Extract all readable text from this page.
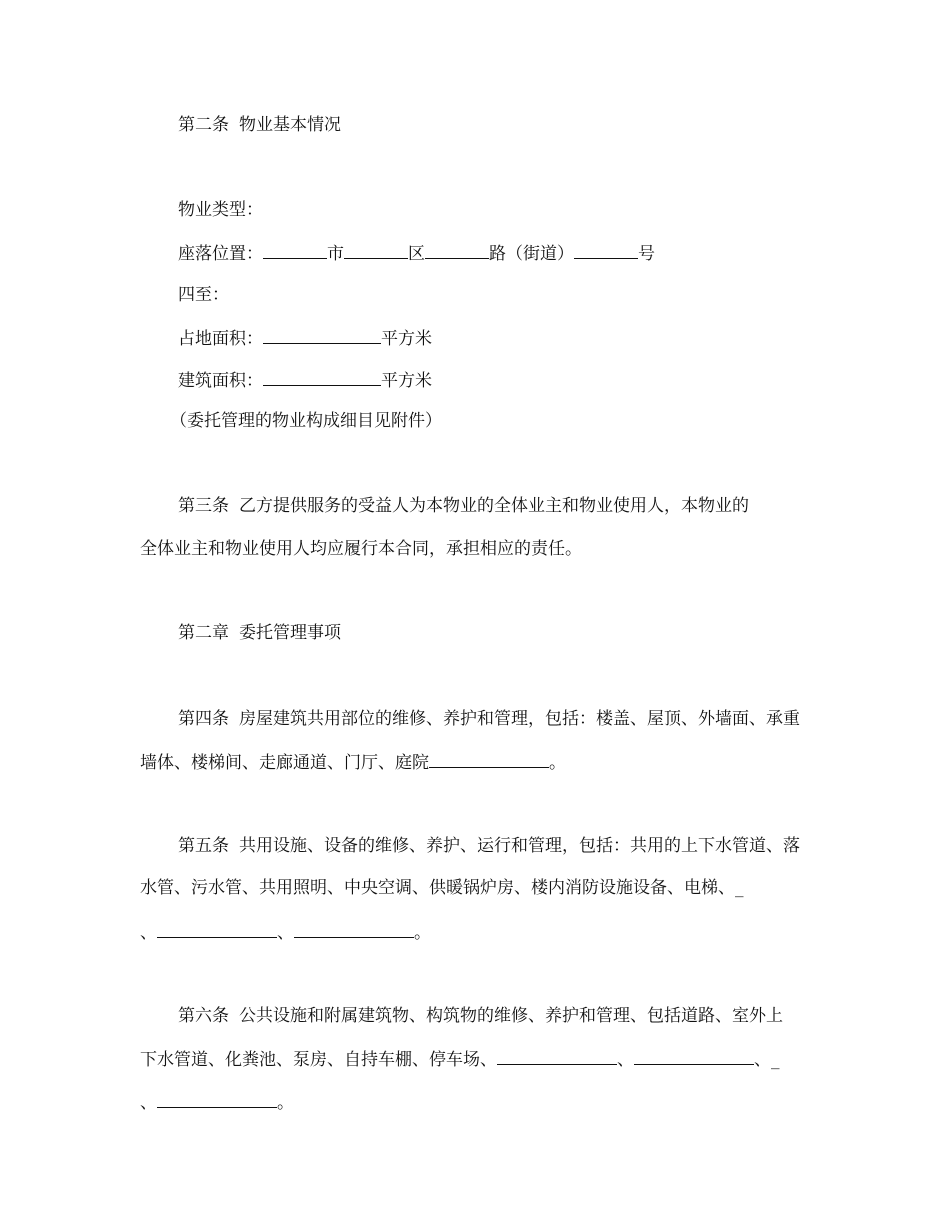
第二条 物业基本情况
物业类型：
座落位置：	市	区	路（街道）	号
四至：
占地面积：	平方米
建筑面积：	平方米
（委托管理的物业构成细目见附件）
第三条 乙方提供服务的受益人为本物业的全体业主和物业使用人，本物业的
全体业主和物业使用人均应履行本合同，承担相应的责任。
第二章 委托管理事项
第四条 房屋建筑共用部位的维修、养护和管理，包括：楼盖、屋顶、外墙面、承重
墙体、楼梯间、走廊通道、门厅、庭院	。
第五条 共用设施、设备的维修、养护、运行和管理，包括：共用的上下水管道、落
水管、污水管、共用照明、中央空调、供暖锅炉房、楼内消防设施设备、电梯、_
、	、	。
第六条 公共设施和附属建筑物、构筑物的维修、养护和管理、包括道路、室外上
下水管道、化粪池、泵房、自持车棚、停车场、	、	、_
、	。
